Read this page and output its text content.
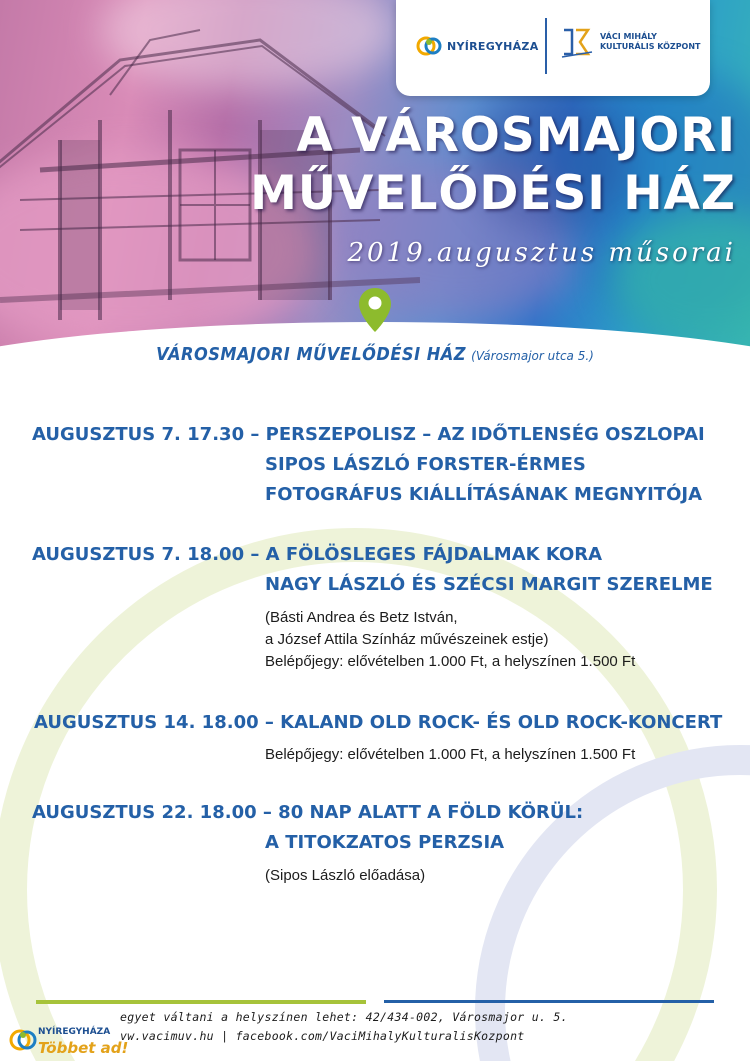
NYÍREGYHÁZA
VÁCI MIHÁLY
KULTURÁLIS KÖZPONT
A VÁROSMAJORI
MŰVELŐDÉSI HÁZ
2019.augusztus műsorai
VÁROSMAJORI MŰVELŐDÉSI HÁZ (Városmajor utca 5.)
AUGUSZTUS 7. 17.30 – PERSZEPOLISZ – AZ IDŐTLENSÉG OSZLOPAI
SIPOS LÁSZLÓ FORSTER-ÉRMES
FOTOGRÁFUS KIÁLLÍTÁSÁNAK MEGNYITÓJA
AUGUSZTUS 7. 18.00 – A FÖLÖSLEGES FÁJDALMAK KORA
NAGY LÁSZLÓ ÉS SZÉCSI MARGIT SZERELME
(Básti Andrea és Betz István,
a József Attila Színház művészeinek estje)
Belépőjegy: elővételben 1.000 Ft, a helyszínen 1.500 Ft
AUGUSZTUS 14. 18.00 – KALAND OLD ROCK- ÉS OLD ROCK-KONCERT
Belépőjegy: elővételben 1.000 Ft, a helyszínen 1.500 Ft
AUGUSZTUS 22. 18.00 – 80 NAP ALATT A FÖLD KÖRÜL:
A TITOKZATOS PERZSIA
(Sipos László előadása)
egyet váltani a helyszínen lehet: 42/434-002, Városmajor u. 5.
vw.vacimuv.hu | facebook.com/VaciMihalyKulturalisKozpont
NYÍREGYHÁZA
Többet ad!
